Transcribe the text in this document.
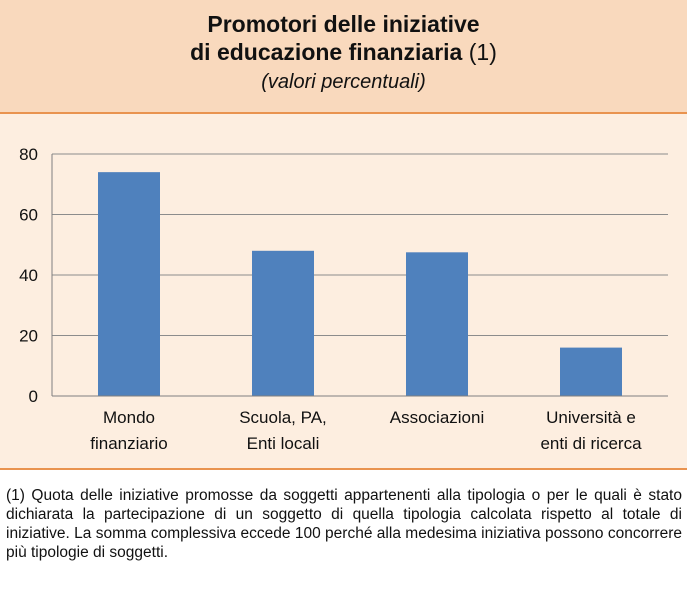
Promotori delle iniziative
di educazione finanziaria (1)
(valori percentuali)
0
20
40
60
80
Mondo finanziario
Scuola, PA, Enti locali
Associazioni	Università e enti di ricerca
(1) Quota delle iniziative promosse da soggetti appartenenti alla tipologia o per le quali è stato dichiarata la partecipazione di un soggetto di quella tipologia calcolata rispetto al totale di iniziative. La somma complessiva eccede 100 perché alla medesima iniziativa possono concorrere più tipologie di soggetti.
